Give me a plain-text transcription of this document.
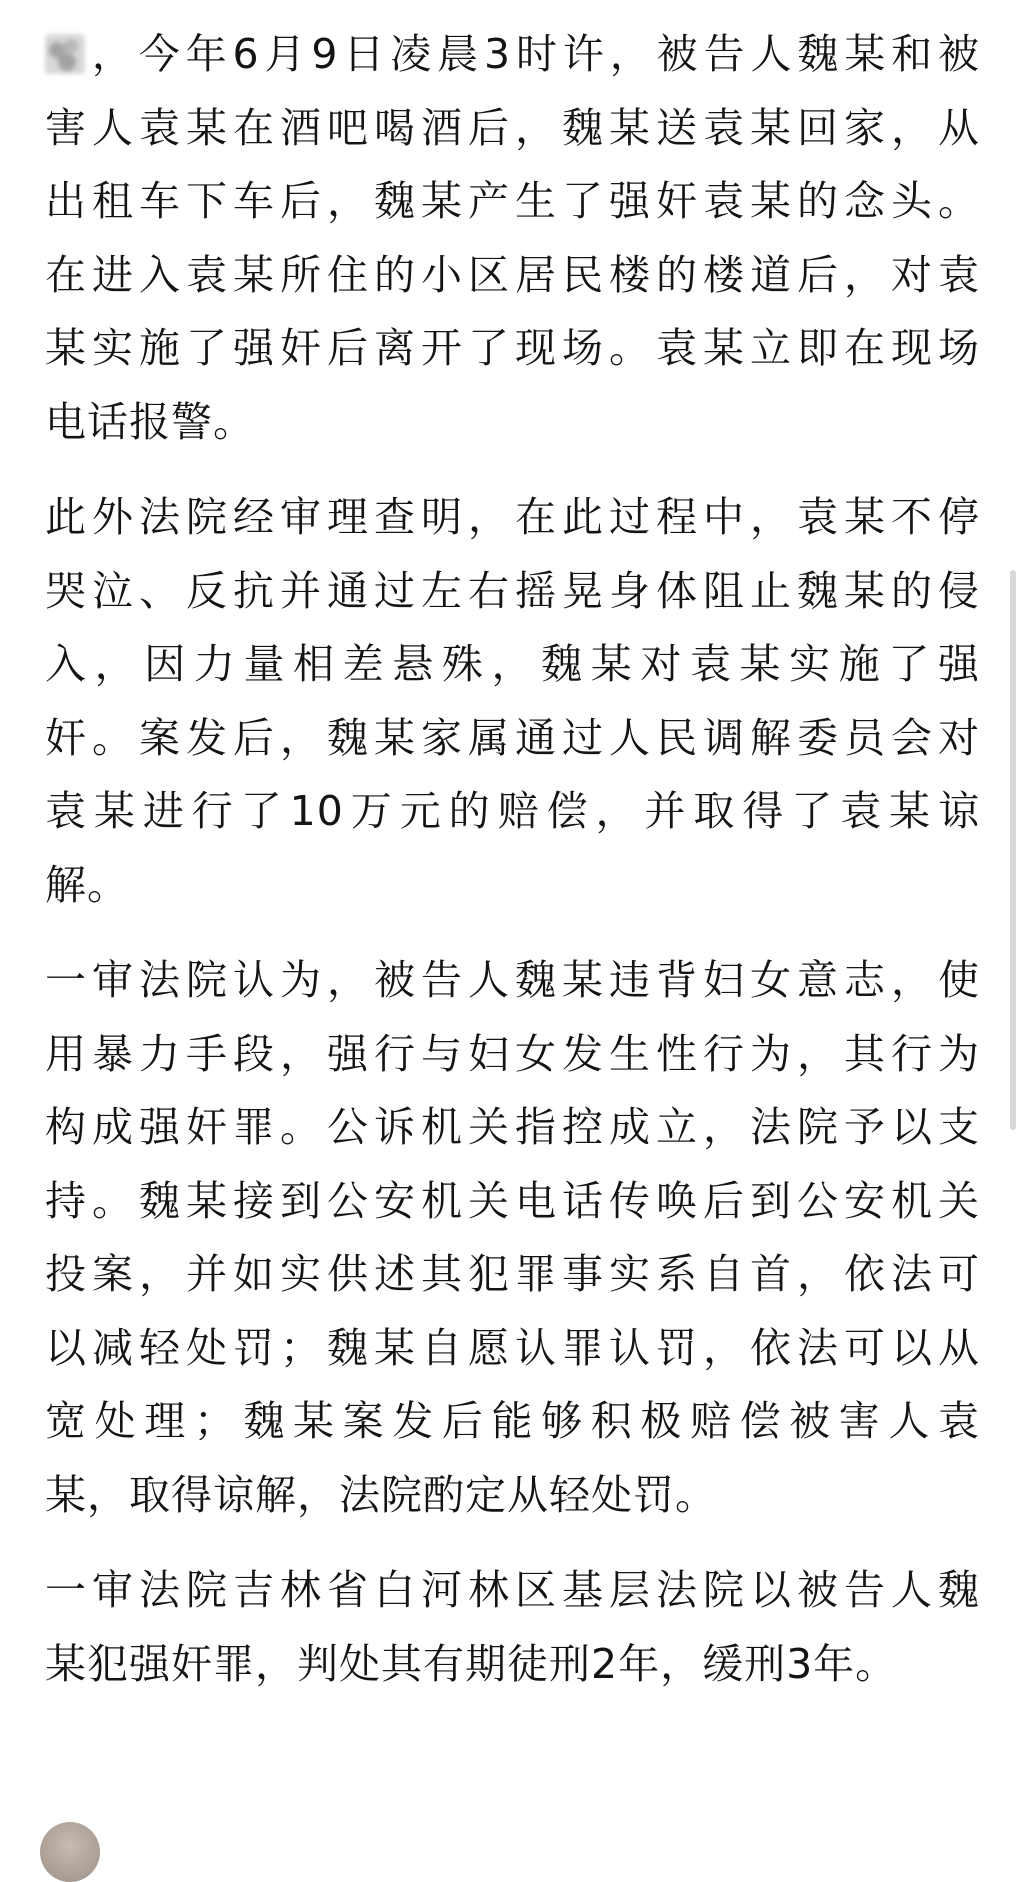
，今年6月9日凌晨3时许，被告人魏某和被
害人袁某在酒吧喝酒后，魏某送袁某回家，从
出租车下车后，魏某产生了强奸袁某的念头。
在进入袁某所住的小区居民楼的楼道后，对袁
某实施了强奸后离开了现场。袁某立即在现场
电话报警。

此外法院经审理查明，在此过程中，袁某不停
哭泣、反抗并通过左右摇晃身体阻止魏某的侵
入，因力量相差悬殊，魏某对袁某实施了强
奸。案发后，魏某家属通过人民调解委员会对
袁某进行了10万元的赔偿，并取得了袁某谅
解。

一审法院认为，被告人魏某违背妇女意志，使
用暴力手段，强行与妇女发生性行为，其行为
构成强奸罪。公诉机关指控成立，法院予以支
持。魏某接到公安机关电话传唤后到公安机关
投案，并如实供述其犯罪事实系自首，依法可
以减轻处罚；魏某自愿认罪认罚，依法可以从
宽处理；魏某案发后能够积极赔偿被害人袁
某，取得谅解，法院酌定从轻处罚。

一审法院吉林省白河林区基层法院以被告人魏
某犯强奸罪，判处其有期徒刑2年，缓刑3年。
